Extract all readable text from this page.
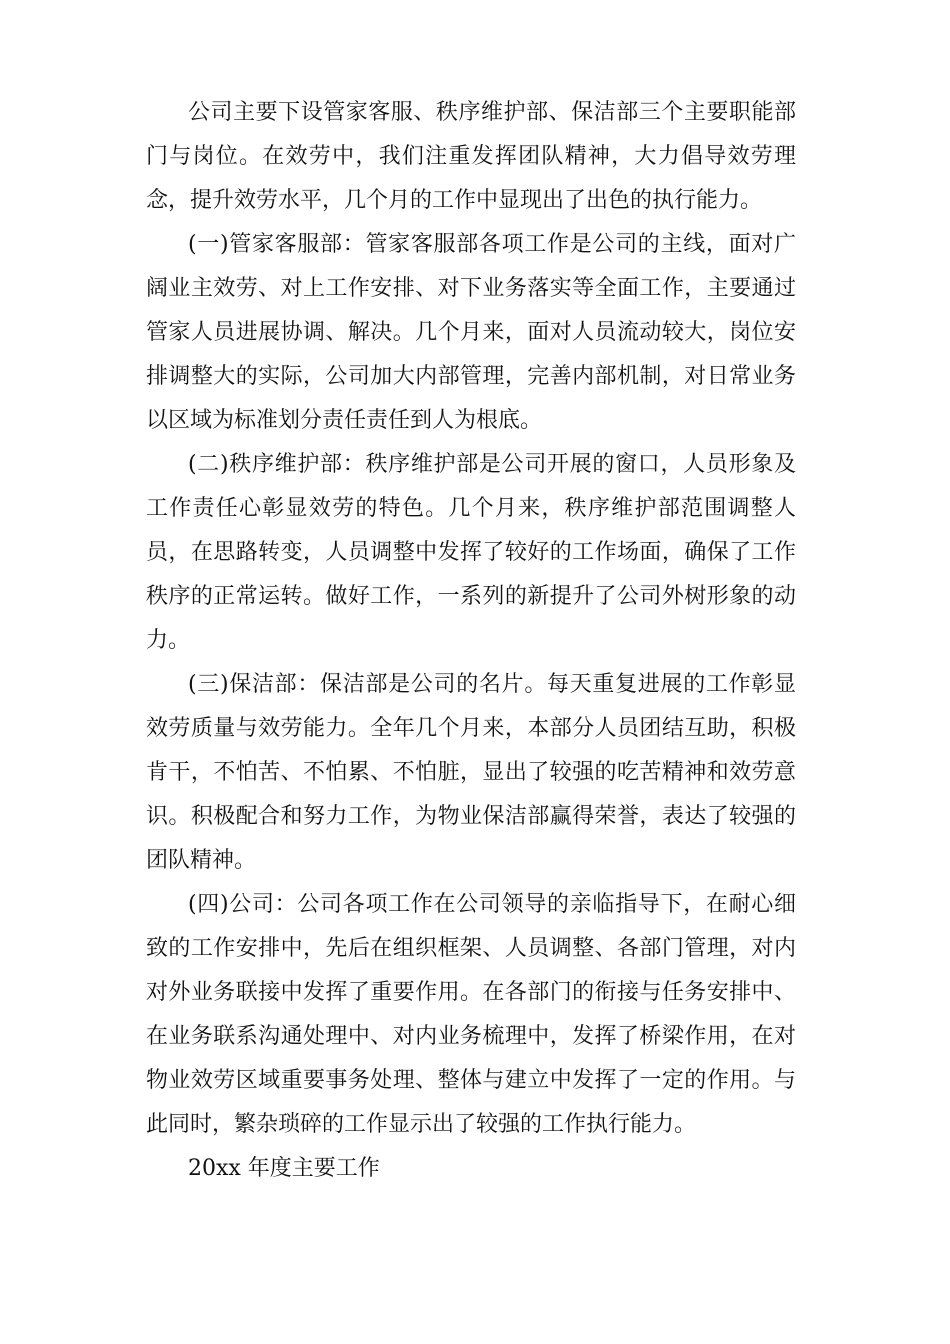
公司主要下设管家客服、秩序维护部、保洁部三个主要职能部
门与岗位。在效劳中，我们注重发挥团队精神，大力倡导效劳理
念，提升效劳水平，几个月的工作中显现出了出色的执行能力。
(一)管家客服部：管家客服部各项工作是公司的主线，面对广
阔业主效劳、对上工作安排、对下业务落实等全面工作，主要通过
管家人员进展协调、解决。几个月来，面对人员流动较大，岗位安
排调整大的实际，公司加大内部管理，完善内部机制，对日常业务
以区域为标准划分责任责任到人为根底。
(二)秩序维护部：秩序维护部是公司开展的窗口，人员形象及
工作责任心彰显效劳的特色。几个月来，秩序维护部范围调整人
员，在思路转变，人员调整中发挥了较好的工作场面，确保了工作
秩序的正常运转。做好工作，一系列的新提升了公司外树形象的动
力。
(三)保洁部：保洁部是公司的名片。每天重复进展的工作彰显
效劳质量与效劳能力。全年几个月来，本部分人员团结互助，积极
肯干，不怕苦、不怕累、不怕脏，显出了较强的吃苦精神和效劳意
识。积极配合和努力工作，为物业保洁部赢得荣誉，表达了较强的
团队精神。
(四)公司：公司各项工作在公司领导的亲临指导下，在耐心细
致的工作安排中，先后在组织框架、人员调整、各部门管理，对内
对外业务联接中发挥了重要作用。在各部门的衔接与任务安排中、
在业务联系沟通处理中、对内业务梳理中，发挥了桥梁作用，在对
物业效劳区域重要事务处理、整体与建立中发挥了一定的作用。与
此同时，繁杂琐碎的工作显示出了较强的工作执行能力。
20xx 年度主要工作
